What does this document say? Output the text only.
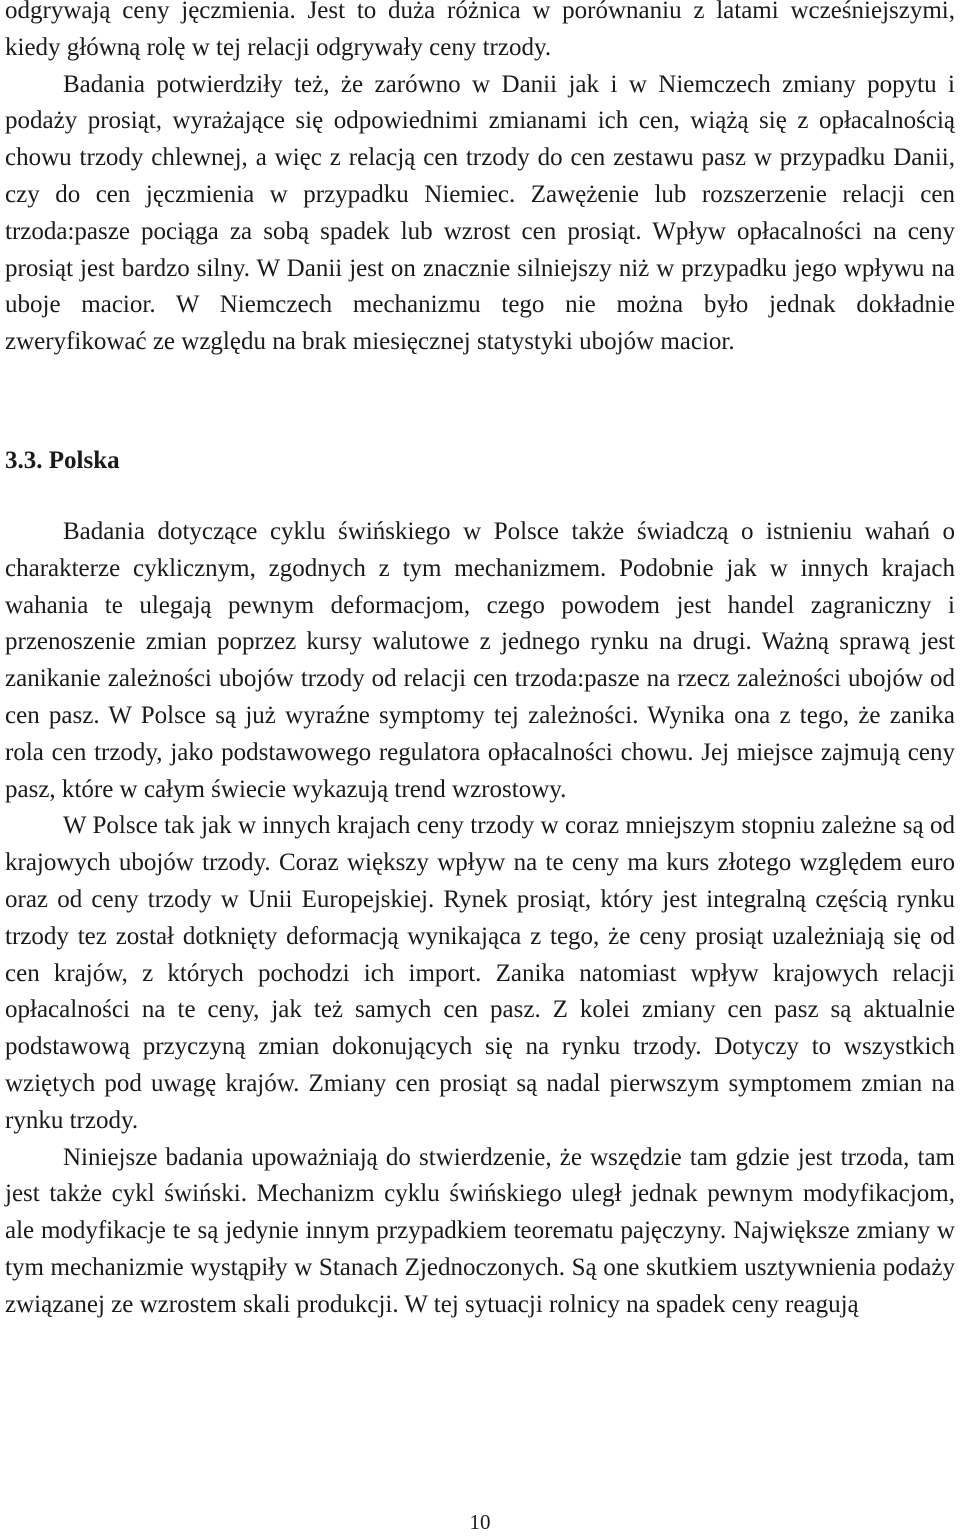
odgrywają ceny jęczmienia. Jest to duża różnica w porównaniu z latami wcześniejszymi, kiedy główną rolę w tej relacji odgrywały ceny trzody.

Badania potwierdziły też, że zarówno w Danii jak i w Niemczech zmiany popytu i podaży prosiąt, wyrażające się odpowiednimi zmianami ich cen, wiążą się z opłacalnością chowu trzody chlewnej, a więc z relacją cen trzody do cen zestawu pasz w przypadku Danii, czy do cen jęczmienia w przypadku Niemiec. Zawężenie lub rozszerzenie relacji cen trzoda:pasze pociąga za sobą spadek lub wzrost cen prosiąt. Wpływ opłacalności na ceny prosiąt jest bardzo silny. W Danii jest on znacznie silniejszy niż w przypadku jego wpływu na uboje macior. W Niemczech mechanizmu tego nie można było jednak dokładnie zweryfikować ze względu na brak miesięcznej statystyki ubojów macior.

3.3. Polska

Badania dotyczące cyklu świńskiego w Polsce także świadczą o istnieniu wahań o charakterze cyklicznym, zgodnych z tym mechanizmem. Podobnie jak w innych krajach wahania te ulegają pewnym deformacjom, czego powodem jest handel zagraniczny i przenoszenie zmian poprzez kursy walutowe z jednego rynku na drugi. Ważną sprawą jest zanikanie zależności ubojów trzody od relacji cen trzoda:pasze na rzecz zależności ubojów od cen pasz. W Polsce są już wyraźne symptomy tej zależności. Wynika ona z tego, że zanika rola cen trzody, jako podstawowego regulatora opłacalności chowu. Jej miejsce zajmują ceny pasz, które w całym świecie wykazują trend wzrostowy.

W Polsce tak jak w innych krajach ceny trzody w coraz mniejszym stopniu zależne są od krajowych ubojów trzody. Coraz większy wpływ na te ceny ma kurs złotego względem euro oraz od ceny trzody w Unii Europejskiej. Rynek prosiąt, który jest integralną częścią rynku trzody tez został dotknięty deformacją wynikająca z tego, że ceny prosiąt uzależniają się od cen krajów, z których pochodzi ich import. Zanika natomiast wpływ krajowych relacji opłacalności na te ceny, jak też samych cen pasz. Z kolei zmiany cen pasz są aktualnie podstawową przyczyną zmian dokonujących się na rynku trzody. Dotyczy to wszystkich wziętych pod uwagę krajów. Zmiany cen prosiąt są nadal pierwszym symptomem zmian na rynku trzody.

Niniejsze badania upoważniają do stwierdzenie, że wszędzie tam gdzie jest trzoda, tam jest także cykl świński. Mechanizm cyklu świńskiego uległ jednak pewnym modyfikacjom, ale modyfikacje te są jedynie innym przypadkiem teorematu pajęczyny. Największe zmiany w tym mechanizmie wystąpiły w Stanach Zjednoczonych. Są one skutkiem usztywnienia podaży związanej ze wzrostem skali produkcji. W tej sytuacji rolnicy na spadek ceny reagują

10
